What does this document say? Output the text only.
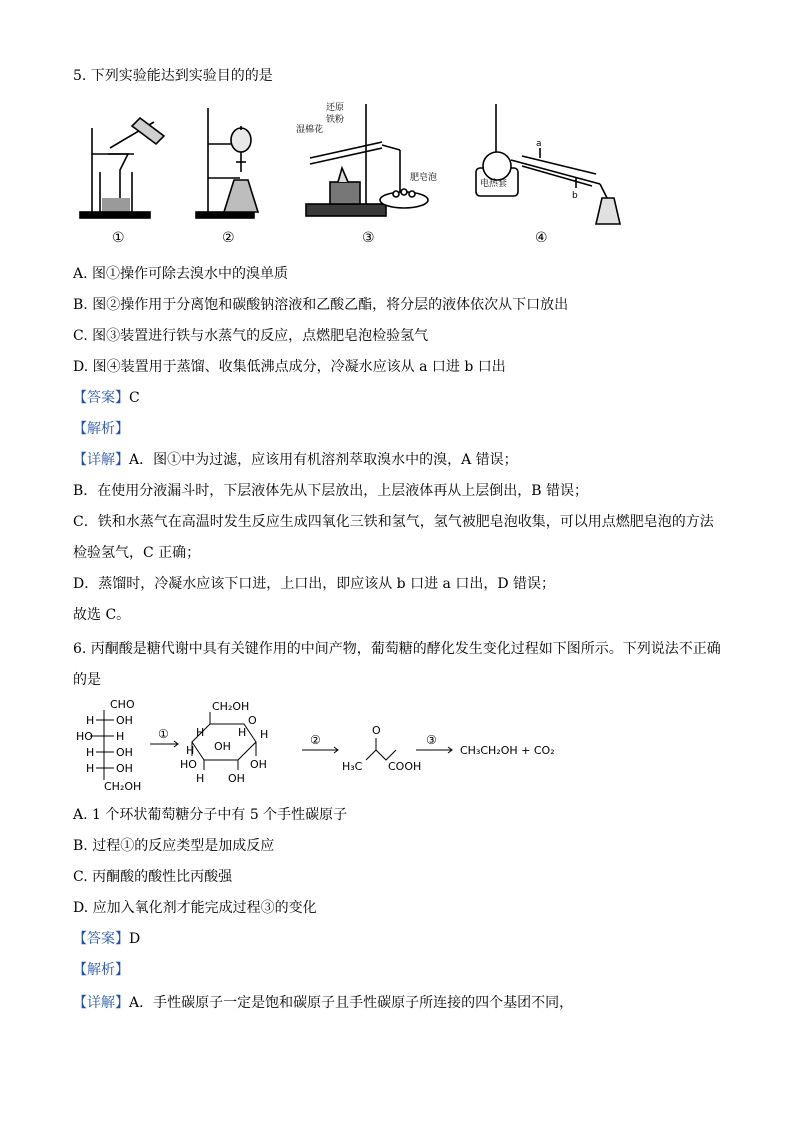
5. 下列实验能达到实验目的的是
还原
铁粉
湿棉花
肥皂泡
电热套
a
b
①	②	③	④
A. 图①操作可除去溴水中的溴单质
B. 图②操作用于分离饱和碳酸钠溶液和乙酸乙酯，将分层的液体依次从下口放出
C. 图③装置进行铁与水蒸气的反应，点燃肥皂泡检验氢气
D. 图④装置用于蒸馏、收集低沸点成分，冷凝水应该从 a 口进 b 口出
【答案】C
【解析】
【详解】A．图①中为过滤，应该用有机溶剂萃取溴水中的溴，A 错误；
B．在使用分液漏斗时，下层液体先从下层放出，上层液体再从上层倒出，B 错误；
C．铁和水蒸气在高温时发生反应生成四氧化三铁和氢气，氢气被肥皂泡收集，可以用点燃肥皂泡的方法
检验氢气，C 正确；
D．蒸馏时，冷凝水应该下口进，上口出，即应该从 b 口进 a 口出，D 错误；
故选 C。
6. 丙酮酸是糖代谢中具有关键作用的中间产物，葡萄糖的酵化发生变化过程如下图所示。下列说法不正确
的是
CHO
H OH
HO H
H OH
H OH
CH₂OH
①	②	③
CH₂OH
O
H	H
OH
H
OH
HO
OH
H
H
O
H₃C COOH
CH₃CH₂OH + CO₂
A. 1 个环状葡萄糖分子中有 5 个手性碳原子
B. 过程①的反应类型是加成反应
C. 丙酮酸的酸性比丙酸强
D. 应加入氧化剂才能完成过程③的变化
【答案】D
【解析】
【详解】A．手性碳原子一定是饱和碳原子且手性碳原子所连接的四个基团不同，
